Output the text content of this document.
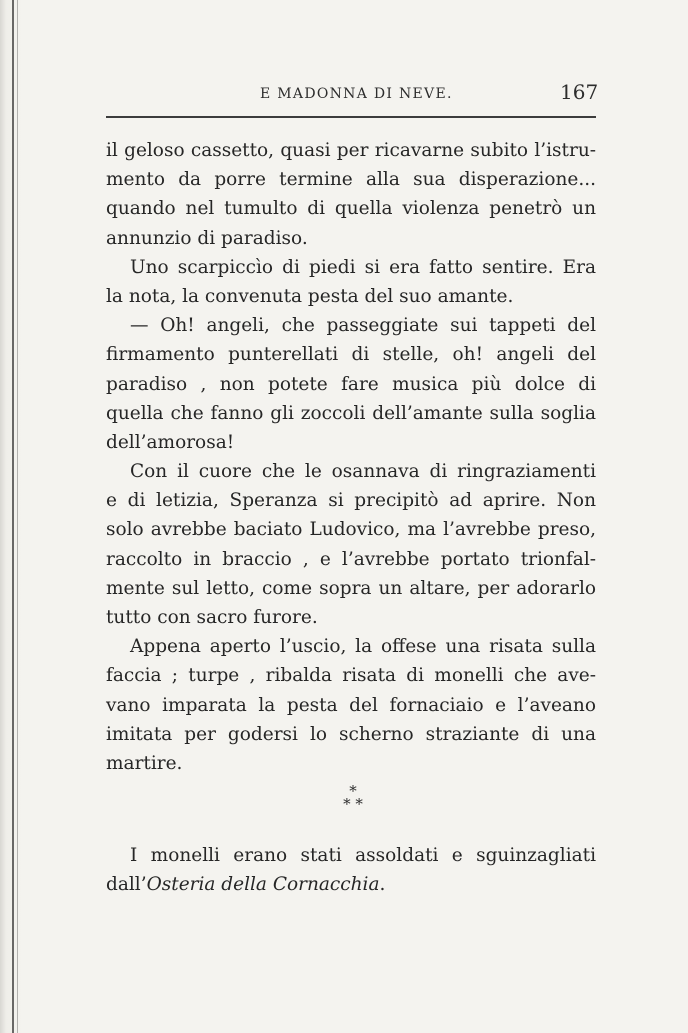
E MADONNA DI NEVE.	167
il geloso cassetto, quasi per ricavarne subito l’istru-
mento da porre termine alla sua disperazione...
quando nel tumulto di quella violenza penetrò un
annunzio di paradiso.
Uno scarpiccìo di piedi si era fatto sentire. Era
la nota, la convenuta pesta del suo amante.
— Oh! angeli, che passeggiate sui tappeti del
firmamento punterellati di stelle, oh! angeli del
paradiso , non potete fare musica più dolce di
quella che fanno gli zoccoli dell’amante sulla soglia
dell’amorosa!
Con il cuore che le osannava di ringraziamenti
e di letizia, Speranza si precipitò ad aprire. Non
solo avrebbe baciato Ludovico, ma l’avrebbe preso,
raccolto in braccio , e l’avrebbe portato trionfal-
mente sul letto, come sopra un altare, per adorarlo
tutto con sacro furore.
Appena aperto l’uscio, la offese una risata sulla
faccia ; turpe , ribalda risata di monelli che ave-
vano imparata la pesta del fornaciaio e l’aveano
imitata per godersi lo scherno straziante di una
martire.
*
* *
I monelli erano stati assoldati e sguinzagliati
dall’Osteria della Cornacchia.
